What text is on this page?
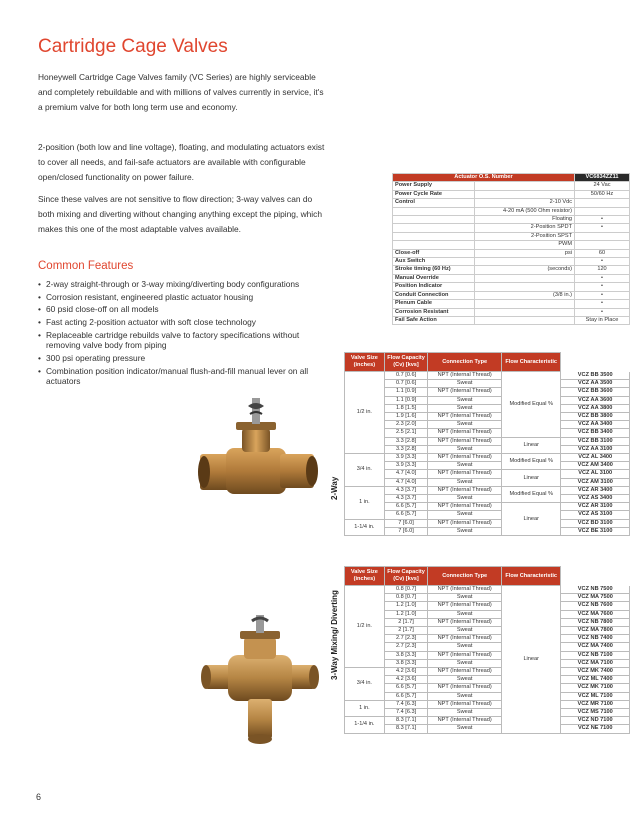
Cartridge Cage Valves

Honeywell Cartridge Cage Valves family (VC Series) are highly serviceable and completely rebuildable and with millions of valves currently in service, it's a premium valve for both long term use and economy.

2-position (both low and line voltage), floating, and modulating actuators exist to cover all needs, and fail-safe actuators are available with configurable open/closed functionality on power failure.

Since these valves are not sensitive to flow direction; 3-way valves can do both mixing and diverting without changing anything except the piping, which makes this one of the most adaptable valves available.

Common Features
• 2-way straight-through or 3-way mixing/diverting body configurations
• Corrosion resistant, engineered plastic actuator housing
• 60 psid close-off on all models
• Fast acting 2-position actuator with soft close technology
• Replaceable cartridge rebuilds valve to factory specifications without removing valve body from piping
• 300 psi operating pressure
• Combination position indicator/manual flush-and-fill manual lever on all actuators
Actuator O.S. Number		VC6834ZZ11
Power Supply		24 Vac
Power Cycle Rate		50/60 Hz
Control	2-10 Vdc	
	4-20 mA (500 Ohm resistor)	
	Floating	•
	2-Position SPDT	•
	2-Position SPST	
	PWM	
Close-off	psi	60
Aux Switch		•
Stroke timing (60 Hz)	(seconds)	120
Manual Override		•
Position Indicator		•
Conduit Connection	(3/8 in.)	•
Plenum Cable		•
Corrosion Resistant		•
Fail Safe Action		Stay in Place
2-Way
Valve Size (inches)	Flow Capacity (Cv) [kvs]	Connection Type	Flow Characteristic	
1/2 in.	0.7 [0.6]	NPT (Internal Thread)	Modified Equal %	VCZ BB 3500
	0.7 [0.6]	Sweat		VCZ AA 3500
	1.1 [0.9]	NPT (Internal Thread)		VCZ BB 3600
	1.1 [0.9]	Sweat		VCZ AA 3600
	1.8 [1.5]	Sweat		VCZ AA 3800
	1.9 [1.6]	NPT (Internal Thread)		VCZ BB 3800
	2.3 [2.0]	Sweat		VCZ AA 3400
	2.5 [2.1]	NPT (Internal Thread)		VCZ BB 3400
	3.3 [2.8]	NPT (Internal Thread)	Linear	VCZ BB 3100
	3.3 [2.8]	Sweat		VCZ AA 3100
3/4 in.	3.9 [3.3]	NPT (Internal Thread)	Modified Equal %	VCZ AL 3400
	3.9 [3.3]	Sweat		VCZ AM 3400
	4.7 [4.0]	NPT (Internal Thread)	Linear	VCZ AL 3100
	4.7 [4.0]	Sweat		VCZ AM 3100
1 in.	4.3 [3.7]	NPT (Internal Thread)	Modified Equal %	VCZ AR 3400
	4.3 [3.7]	Sweat		VCZ AS 3400
	6.6 [5.7]	NPT (Internal Thread)	Linear	VCZ AR 3100
	6.6 [5.7]	Sweat		VCZ AS 3100
1-1/4 in.	7 [6.0]	NPT (Internal Thread)		VCZ BD 3100
	7 [6.0]	Sweat		VCZ BE 3100
3-Way Mixing/ Diverting
Valve Size (inches)	Flow Capacity (Cv) [kvs]	Connection Type	Flow Characteristic	
1/2 in.	0.8 [0.7]	NPT (Internal Thread)	Linear	VCZ NB 7500
	0.8 [0.7]	Sweat		VCZ MA 7500
	1.2 [1.0]	NPT (Internal Thread)		VCZ NB 7600
	1.2 [1.0]	Sweat		VCZ MA 7600
	2 [1.7]	NPT (Internal Thread)		VCZ NB 7800
	2 [1.7]	Sweat		VCZ MA 7800
	2.7 [2.3]	NPT (Internal Thread)		VCZ NB 7400
	2.7 [2.3]	Sweat		VCZ MA 7400
	3.8 [3.3]	NPT (Internal Thread)		VCZ NB 7100
	3.8 [3.3]	Sweat		VCZ MA 7100
3/4 in.	4.2 [3.6]	NPT (Internal Thread)		VCZ MK 7400
	4.2 [3.6]	Sweat		VCZ ML 7400
	6.6 [5.7]	NPT (Internal Thread)		VCZ MK 7100
	6.6 [5.7]	Sweat		VCZ ML 7100
1 in.	7.4 [6.3]	NPT (Internal Thread)		VCZ MR 7100
	7.4 [6.3]	Sweat		VCZ MS 7100
1-1/4 in.	8.3 [7.1]	NPT (Internal Thread)		VCZ ND 7100
	8.3 [7.1]	Sweat		VCZ NE 7100
6
